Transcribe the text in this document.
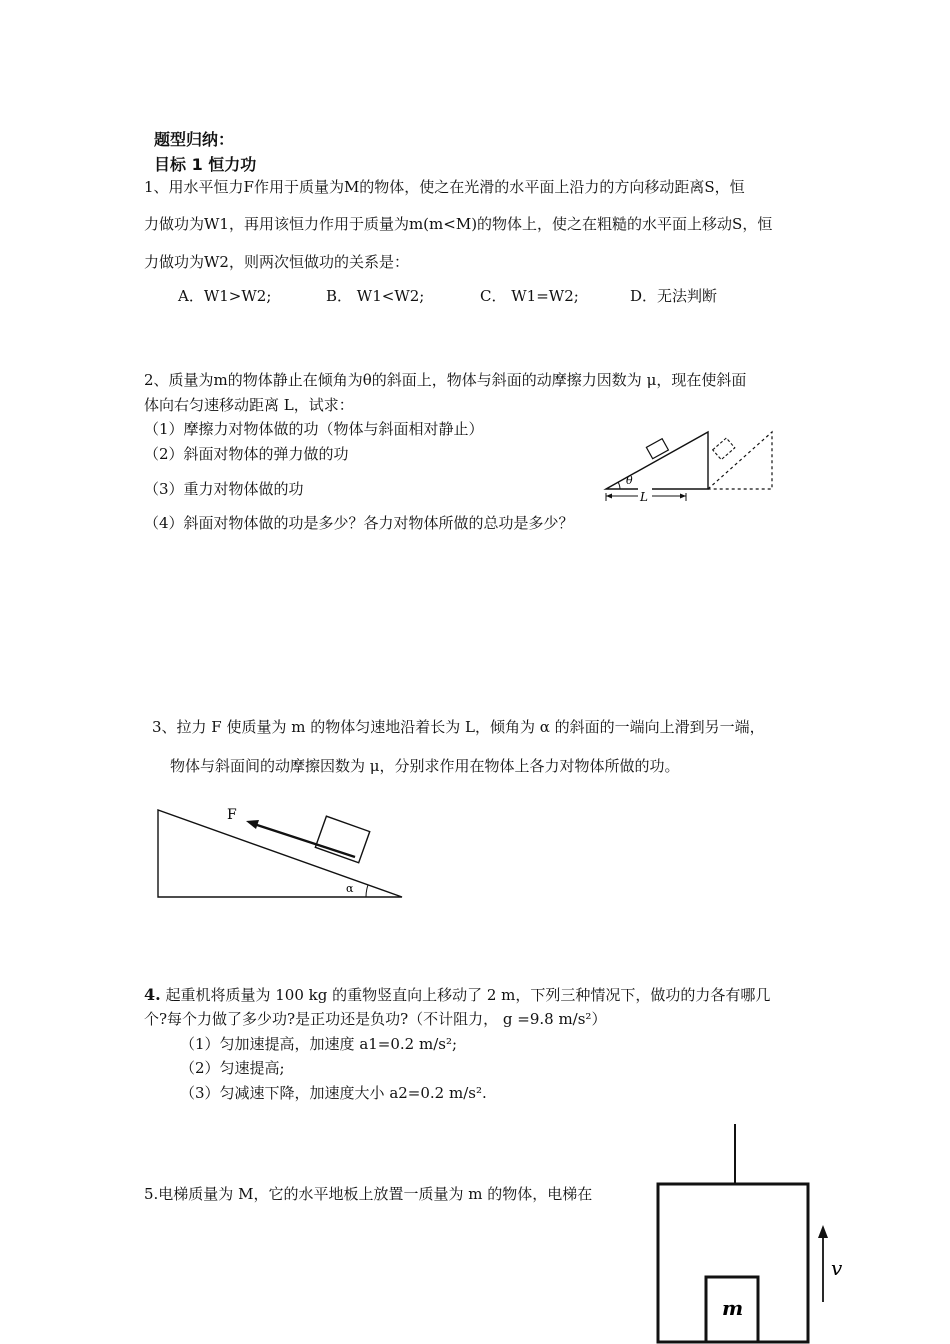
题型归纳：
目标 1 恒力功
1、用水平恒力F作用于质量为M的物体，使之在光滑的水平面上沿力的方向移动距离S，恒
力做功为W1，再用该恒力作用于质量为m(m<M)的物体上，使之在粗糙的水平面上移动S，恒
力做功为W2，则两次恒做功的关系是：
A．W1>W2;	B． W1<W2;	C． W1=W2;	D．无法判断
2、质量为m的物体静止在倾角为θ的斜面上，物体与斜面的动摩擦力因数为 μ，现在使斜面
体向右匀速移动距离 L，试求：
（1）摩擦力对物体做的功（物体与斜面相对静止）
（2）斜面对物体的弹力做的功
（3）重力对物体做的功
（4）斜面对物体做的功是多少？各力对物体所做的总功是多少？
θ
L
3、拉力 F 使质量为 m 的物体匀速地沿着长为 L，倾角为 α 的斜面的一端向上滑到另一端，
物体与斜面间的动摩擦因数为 μ，分别求作用在物体上各力对物体所做的功。
F
α
4. 起重机将质量为 100 kg 的重物竖直向上移动了 2 m，下列三种情况下，做功的力各有哪几
个?每个力做了多少功?是正功还是负功?（不计阻力， g =9.8 m/s²）
（1）匀加速提高，加速度 a1=0.2 m/s²;
（2）匀速提高;
（3）匀减速下降，加速度大小 a2=0.2 m/s².
5.电梯质量为 M，它的水平地板上放置一质量为 m 的物体，电梯在
m
v
